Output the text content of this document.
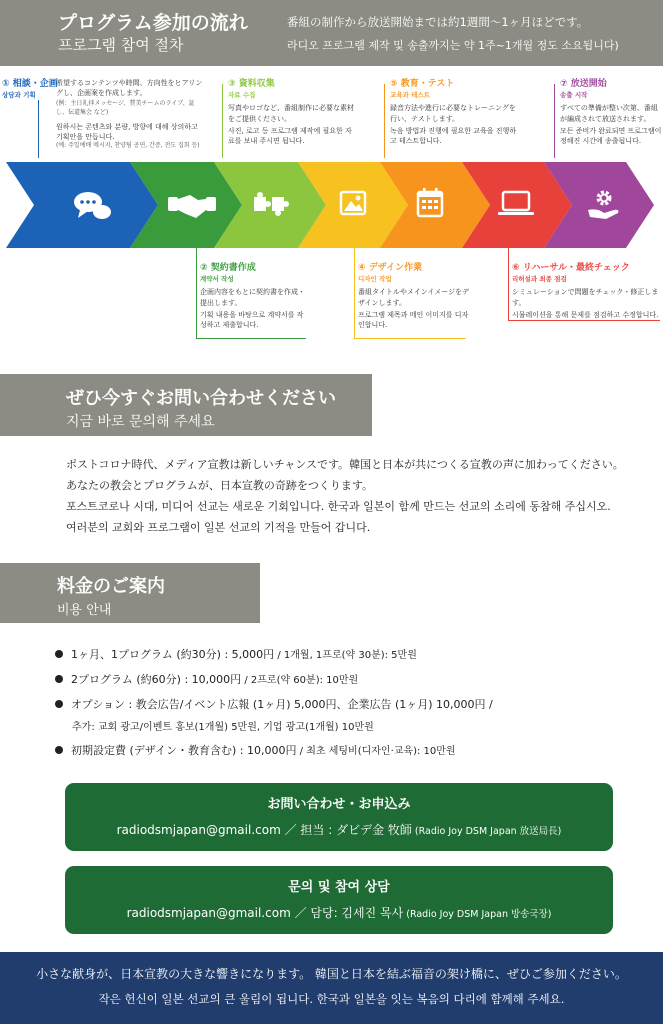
プログラム参加の流れ
프로그램 참여 절차
番組の制作から放送開始までは約1週間〜1ヶ月ほどです。
라디오 프로그램 제작 및 송출까지는 약 1주~1개월 정도 소요됩니다)
① 相談・企画
상담과 기획
希望するコンテンツや時間、方向性をヒアリングし、企画案を作成します。
(例：主日礼拝メッセージ、賛美チームのライブ、証し、伝道集会 など)
원하시는 콘텐츠와 분량, 방향에 대해 상의하고 기획안을 만듭니다.
(예: 주일예배 메시지, 찬양팀 공연, 간증, 전도 집회 등)
③ 資料収集
자료 수집
写真やロゴなど、番組制作に必要な素材をご提供ください。
사진, 로고 등 프로그램 제작에 필요한 자료를 보내 주시면 됩니다.
⑤ 教育・テスト
교육과 테스트
録音方法や進行に必要なトレーニングを行い、テストします。
녹음 방법과 진행에 필요한 교육을 진행하고 테스트합니다.
⑦ 放送開始
송출 시작
すべての準備が整い次第、番組が編成されて放送されます。
모든 준비가 완료되면 프로그램이 정해진 시간에 송출됩니다.
② 契約書作成
계약서 작성
企画内容をもとに契約書を作成・提出します。
기획 내용을 바탕으로 계약서를 작성하고 제출합니다.
④ デザイン作業
디자인 작업
番組タイトルやメインイメージをデザインします。
프로그램 제목과 메인 이미지를 디자인합니다.
⑥ リハーサル・最終チェック
리허설과 최종 점검
シミュレーションで問題をチェック・修正します。
시뮬레이션을 통해 문제를 점검하고 수정합니다.
ぜひ今すぐお問い合わせください
지금 바로 문의해 주세요
ポストコロナ時代、メディア宣教は新しいチャンスです。韓国と日本が共につくる宣教の声に加わってください。
あなたの教会とプログラムが、日本宣教の奇跡をつくります。
포스트코로나 시대, 미디어 선교는 새로운 기회입니다. 한국과 일본이 함께 만드는 선교의 소리에 동참해 주십시오.
여러분의 교회와 프로그램이 일본 선교의 기적을 만들어 갑니다.
料金のご案内
비용 안내
1ヶ月、1プログラム (約30分) : 5,000円 / 1개월, 1프로(약 30분): 5만원
2プログラム (約60分) : 10,000円 / 2프로(약 60분): 10만원
オプション : 教会広告/イベント広報 (1ヶ月) 5,000円、企業広告 (1ヶ月) 10,000円 /
추가: 교회 광고/이벤트 홍보(1개월) 5만원, 기업 광고(1개월) 10만원
初期設定費 (デザイン・教育含む) : 10,000円 / 최초 세팅비(디자인·교육): 10만원
お問い合わせ・お申込み
radiodsmjapan@gmail.com ／ 担当 : ダビデ金 牧師 (Radio Joy DSM Japan 放送局長)
문의 및 참여 상담
radiodsmjapan@gmail.com ／ 담당: 김세진 목사 (Radio Joy DSM Japan 방송국장)
小さな献身が、日本宣教の大きな響きになります。 韓国と日本を結ぶ福音の架け橋に、ぜひご参加ください。
작은 헌신이 일본 선교의 큰 울림이 됩니다. 한국과 일본을 잇는 복음의 다리에 함께해 주세요.
